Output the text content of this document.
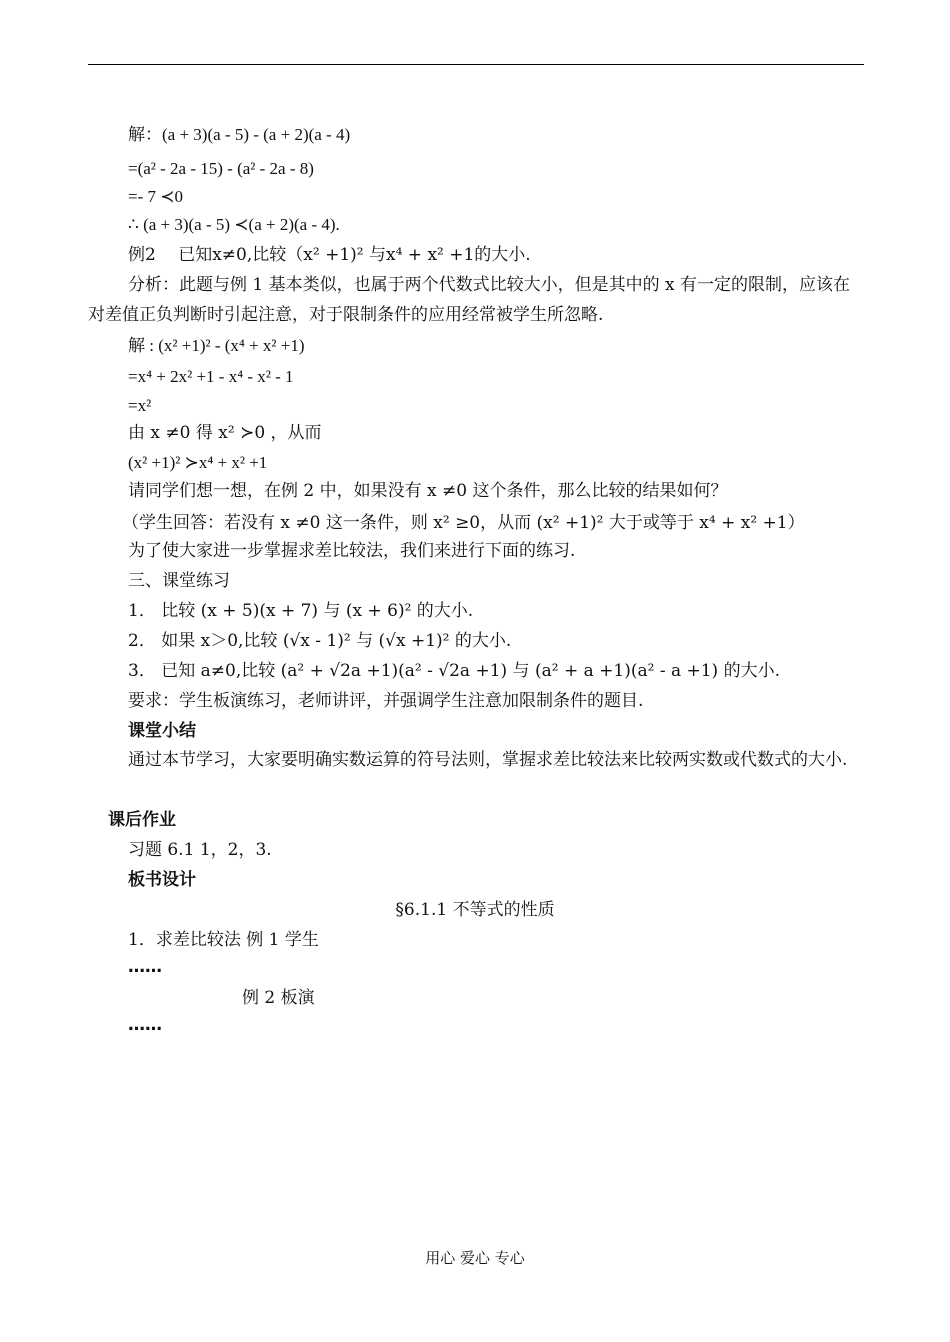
解：(a + 3)(a - 5) - (a + 2)(a - 4)
=(a² - 2a - 15) - (a² - 2a - 8)
=- 7 ≺0
∴ (a + 3)(a - 5) ≺(a + 2)(a - 4).
例2　 已知x≠0,比较（x² +1)² 与x⁴ + x² +1的大小.
分析：此题与例 1 基本类似，也属于两个代数式比较大小，但是其中的 x 有一定的限制，应该在对差值正负判断时引起注意，对于限制条件的应用经常被学生所忽略.
解 : (x² +1)² - (x⁴ + x² +1)
=x⁴ + 2x² +1 - x⁴ - x² - 1
=x²
由 x ≠0 得 x² ≻0 ，从而
(x² +1)² ≻x⁴ + x² +1
请同学们想一想，在例 2 中，如果没有 x ≠0 这个条件，那么比较的结果如何？
（学生回答：若没有 x ≠0 这一条件，则 x² ≥0，从而 (x² +1)² 大于或等于 x⁴ + x² +1）
为了使大家进一步掌握求差比较法，我们来进行下面的练习.
三、课堂练习
1． 比较 (x + 5)(x + 7) 与 (x + 6)² 的大小.
2． 如果 x＞0,比较 (√x - 1)² 与 (√x +1)² 的大小.
3． 已知 a≠0,比较 (a² + √2a +1)(a² - √2a +1) 与 (a² + a +1)(a² - a +1) 的大小.
要求：学生板演练习，老师讲评，并强调学生注意加限制条件的题目.
课堂小结
通过本节学习，大家要明确实数运算的符号法则，掌握求差比较法来比较两实数或代数式的大小.
课后作业
习题 6.1 1，2，3.
板书设计
§6.1.1 不等式的性质
1．求差比较法 例 1 学生
……
例 2 板演
……
用心 爱心 专心
